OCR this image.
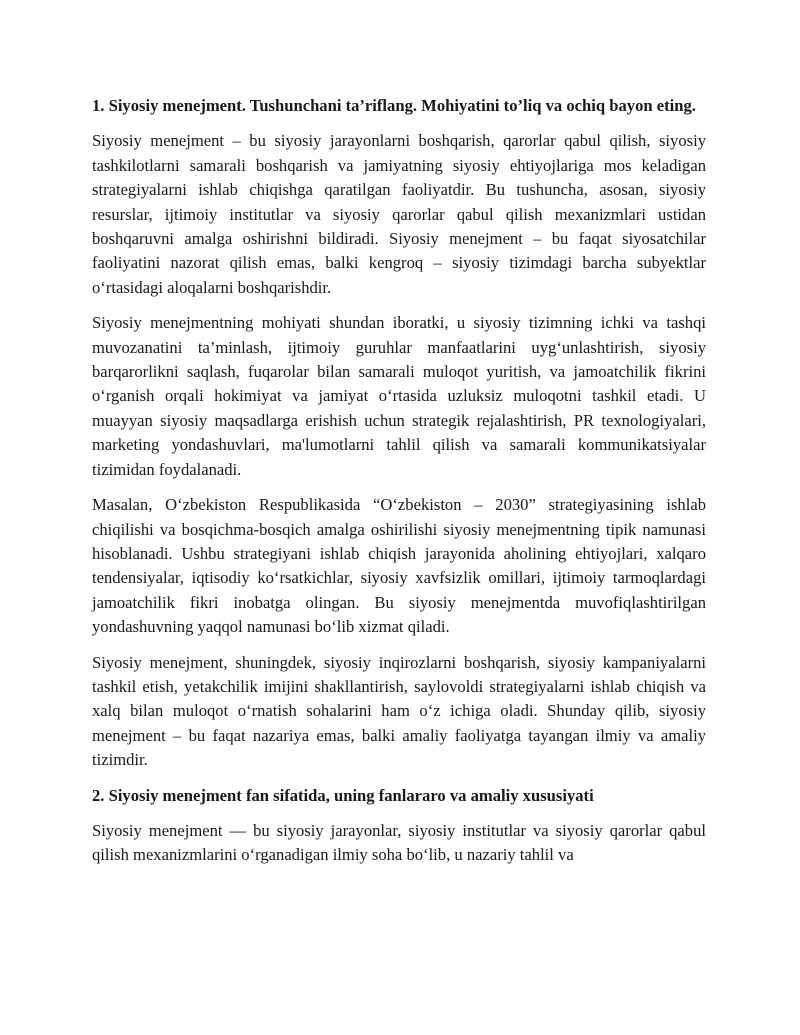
1. Siyosiy menejment. Tushunchani ta’riflang. Mohiyatini to’liq va ochiq bayon eting.

Siyosiy menejment – bu siyosiy jarayonlarni boshqarish, qarorlar qabul qilish, siyosiy tashkilotlarni samarali boshqarish va jamiyatning siyosiy ehtiyojlariga mos keladigan strategiyalarni ishlab chiqishga qaratilgan faoliyatdir. Bu tushuncha, asosan, siyosiy resurslar, ijtimoiy institutlar va siyosiy qarorlar qabul qilish mexanizmlari ustidan boshqaruvni amalga oshirishni bildiradi. Siyosiy menejment – bu faqat siyosatchilar faoliyatini nazorat qilish emas, balki kengroq – siyosiy tizimdagi barcha subyektlar o‘rtasidagi aloqalarni boshqarishdir.

Siyosiy menejmentning mohiyati shundan iboratki, u siyosiy tizimning ichki va tashqi muvozanatini ta’minlash, ijtimoiy guruhlar manfaatlarini uyg‘unlashtirish, siyosiy barqarorlikni saqlash, fuqarolar bilan samarali muloqot yuritish, va jamoatchilik fikrini o‘rganish orqali hokimiyat va jamiyat o‘rtasida uzluksiz muloqotni tashkil etadi. U muayyan siyosiy maqsadlarga erishish uchun strategik rejalashtirish, PR texnologiyalari, marketing yondashuvlari, ma'lumotlarni tahlil qilish va samarali kommunikatsiyalar tizimidan foydalanadi.

Masalan, O‘zbekiston Respublikasida “O‘zbekiston – 2030” strategiyasining ishlab chiqilishi va bosqichma-bosqich amalga oshirilishi siyosiy menejmentning tipik namunasi hisoblanadi. Ushbu strategiyani ishlab chiqish jarayonida aholining ehtiyojlari, xalqaro tendensiyalar, iqtisodiy ko‘rsatkichlar, siyosiy xavfsizlik omillari, ijtimoiy tarmoqlardagi jamoatchilik fikri inobatga olingan. Bu siyosiy menejmentda muvofiqlashtirilgan yondashuvning yaqqol namunasi bo‘lib xizmat qiladi.

Siyosiy menejment, shuningdek, siyosiy inqirozlarni boshqarish, siyosiy kampaniyalarni tashkil etish, yetakchilik imijini shakllantirish, saylovoldi strategiyalarni ishlab chiqish va xalq bilan muloqot o‘rnatish sohalarini ham o‘z ichiga oladi. Shunday qilib, siyosiy menejment – bu faqat nazariya emas, balki amaliy faoliyatga tayangan ilmiy va amaliy tizimdir.

2. Siyosiy menejment fan sifatida, uning fanlararo va amaliy xususiyati

Siyosiy menejment — bu siyosiy jarayonlar, siyosiy institutlar va siyosiy qarorlar qabul qilish mexanizmlarini o‘rganadigan ilmiy soha bo‘lib, u nazariy tahlil va
